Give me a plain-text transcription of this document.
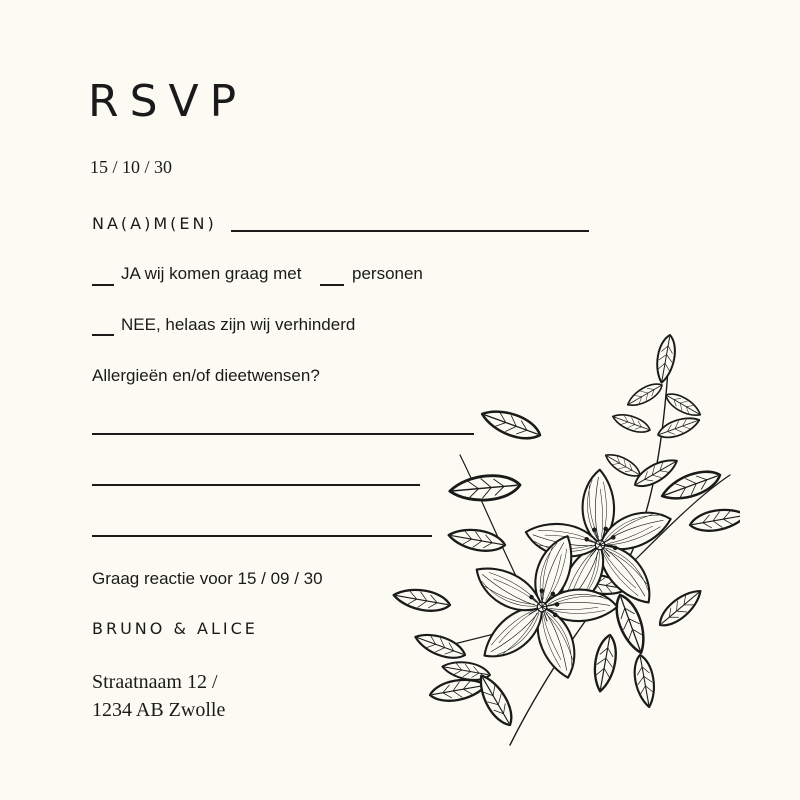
RSVP
15 / 10 / 30
NA(A)M(EN)
JA wij komen graag met	personen
NEE, helaas zijn wij verhinderd
Allergieën en/of dieetwensen?
Graag reactie voor 15 / 09 / 30
BRUNO & ALICE
Straatnaam 12 /
1234 AB Zwolle
